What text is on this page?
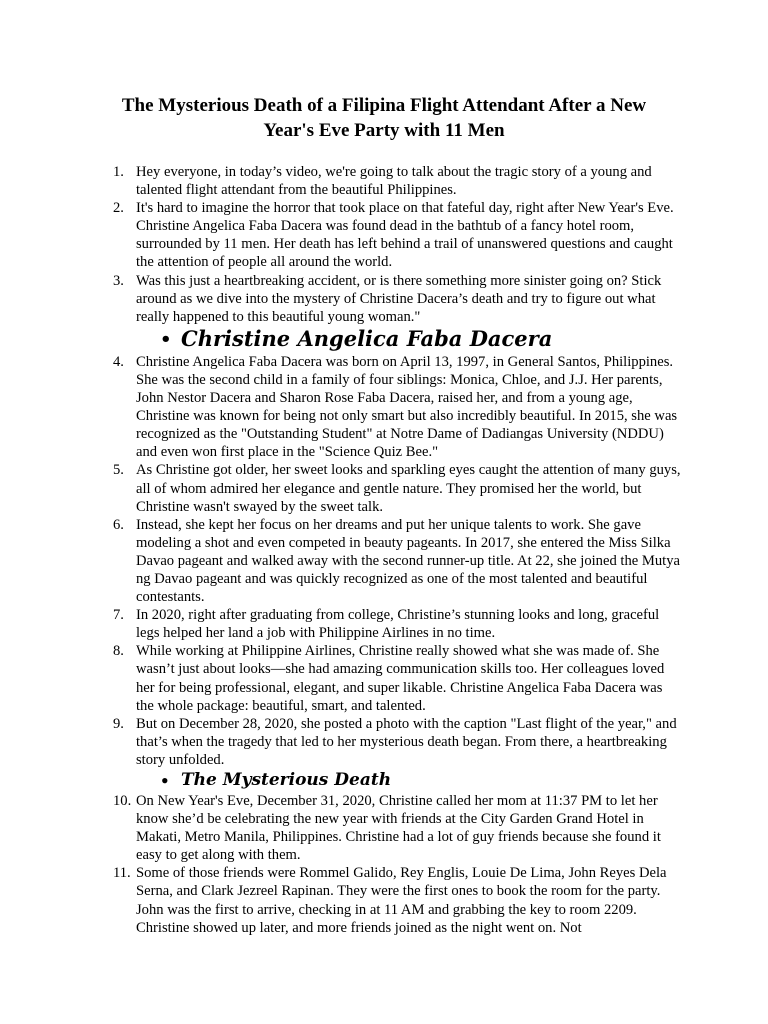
The Mysterious Death of a Filipina Flight Attendant After a New Year's Eve Party with 11 Men
1. Hey everyone, in today’s video, we're going to talk about the tragic story of a young and talented flight attendant from the beautiful Philippines.
2. It's hard to imagine the horror that took place on that fateful day, right after New Year's Eve. Christine Angelica Faba Dacera was found dead in the bathtub of a fancy hotel room, surrounded by 11 men. Her death has left behind a trail of unanswered questions and caught the attention of people all around the world.
3. Was this just a heartbreaking accident, or is there something more sinister going on? Stick around as we dive into the mystery of Christine Dacera’s death and try to figure out what really happened to this beautiful young woman."
• Christine Angelica Faba Dacera
4. Christine Angelica Faba Dacera was born on April 13, 1997, in General Santos, Philippines. She was the second child in a family of four siblings: Monica, Chloe, and J.J. Her parents, John Nestor Dacera and Sharon Rose Faba Dacera, raised her, and from a young age, Christine was known for being not only smart but also incredibly beautiful. In 2015, she was recognized as the "Outstanding Student" at Notre Dame of Dadiangas University (NDDU) and even won first place in the "Science Quiz Bee."
5. As Christine got older, her sweet looks and sparkling eyes caught the attention of many guys, all of whom admired her elegance and gentle nature. They promised her the world, but Christine wasn't swayed by the sweet talk.
6. Instead, she kept her focus on her dreams and put her unique talents to work. She gave modeling a shot and even competed in beauty pageants. In 2017, she entered the Miss Silka Davao pageant and walked away with the second runner-up title. At 22, she joined the Mutya ng Davao pageant and was quickly recognized as one of the most talented and beautiful contestants.
7. In 2020, right after graduating from college, Christine’s stunning looks and long, graceful legs helped her land a job with Philippine Airlines in no time.
8. While working at Philippine Airlines, Christine really showed what she was made of. She wasn’t just about looks—she had amazing communication skills too. Her colleagues loved her for being professional, elegant, and super likable. Christine Angelica Faba Dacera was the whole package: beautiful, smart, and talented.
9. But on December 28, 2020, she posted a photo with the caption "Last flight of the year," and that’s when the tragedy that led to her mysterious death began. From there, a heartbreaking story unfolded.
• The Mysterious Death
10. On New Year's Eve, December 31, 2020, Christine called her mom at 11:37 PM to let her know she’d be celebrating the new year with friends at the City Garden Grand Hotel in Makati, Metro Manila, Philippines. Christine had a lot of guy friends because she found it easy to get along with them.
11. Some of those friends were Rommel Galido, Rey Englis, Louie De Lima, John Reyes Dela Serna, and Clark Jezreel Rapinan. They were the first ones to book the room for the party. John was the first to arrive, checking in at 11 AM and grabbing the key to room 2209. Christine showed up later, and more friends joined as the night went on. Not
